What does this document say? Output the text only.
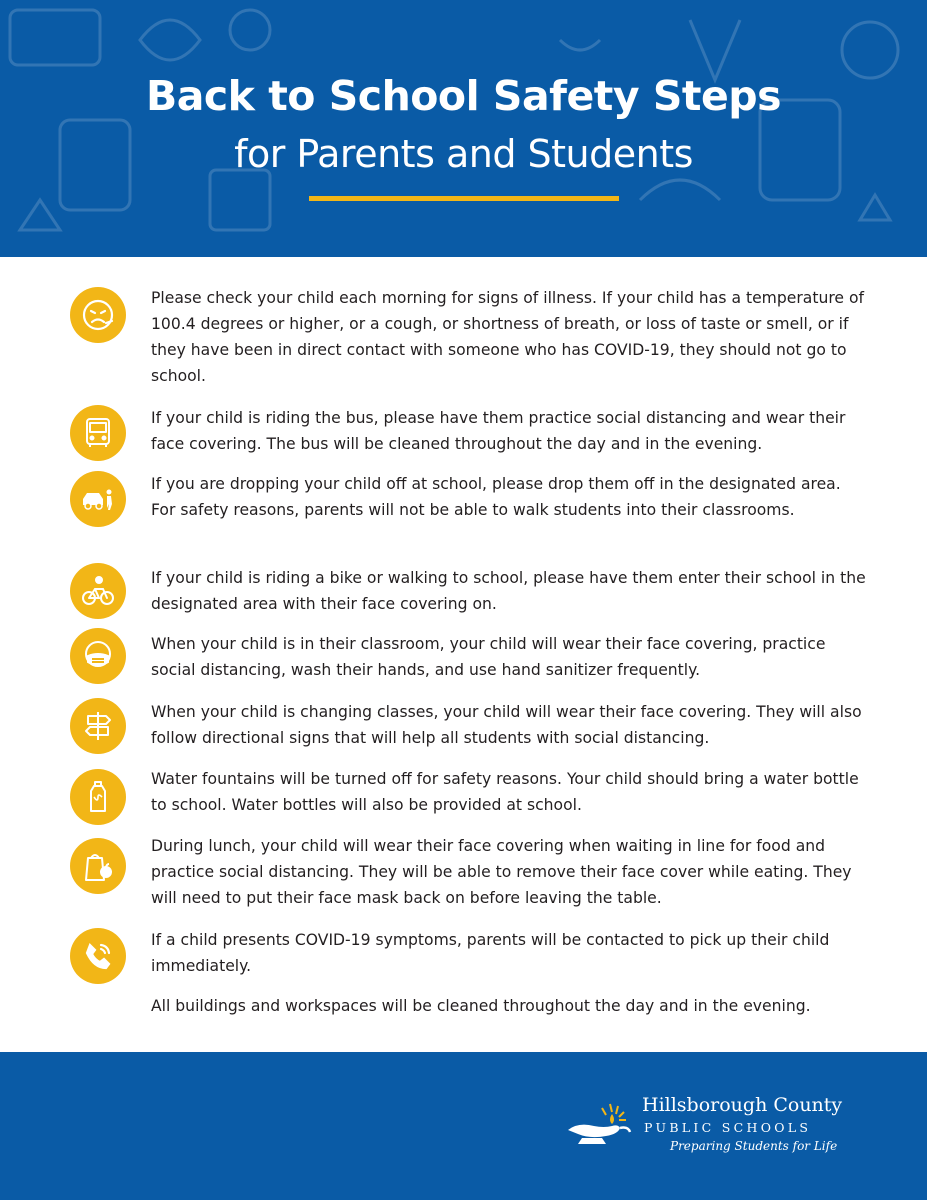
Back to School Safety Steps
for Parents and Students
Please check your child each morning for signs of illness. If your child has a temperature of 100.4 degrees or higher, or a cough, or shortness of breath, or loss of taste or smell, or if they have been in direct contact with someone who has COVID-19, they should not go to school.
If your child is riding the bus, please have them practice social distancing and wear their face covering. The bus will be cleaned throughout the day and in the evening.
If you are dropping your child off at school, please drop them off in the designated area. For safety reasons, parents will not be able to walk students into their classrooms.
If your child is riding a bike or walking to school, please have them enter their school in the designated area with their face covering on.
When your child is in their classroom, your child will wear their face covering, practice social distancing, wash their hands, and use hand sanitizer frequently.
When your child is changing classes, your child will wear their face covering. They will also follow directional signs that will help all students with social distancing.
Water fountains will be turned off for safety reasons. Your child should bring a water bottle to school. Water bottles will also be provided at school.
During lunch, your child will wear their face covering when waiting in line for food and practice social distancing. They will be able to remove their face cover while eating. They will need to put their face mask back on before leaving the table.
If a child presents COVID-19 symptoms, parents will be contacted to pick up their child immediately.
All buildings and workspaces will be cleaned throughout the day and in the evening.
Hillsborough County
PUBLIC SCHOOLS
Preparing Students for Life
